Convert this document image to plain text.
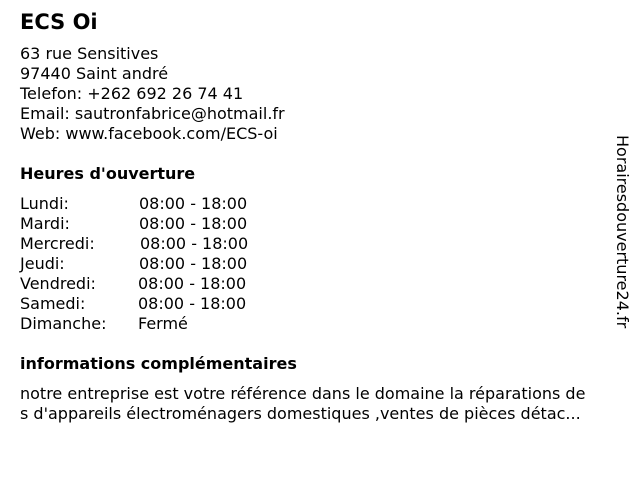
ECS Oi
63 rue Sensitives
97440 Saint andré
Telefon: +262 692 26 74 41
Email: sautronfabrice@hotmail.fr
Web: www.facebook.com/ECS-oi
Heures d'ouverture
Lundi:	08:00 - 18:00
Mardi:	08:00 - 18:00
Mercredi:	08:00 - 18:00
Jeudi:	08:00 - 18:00
Vendredi:	08:00 - 18:00
Samedi:	08:00 - 18:00
Dimanche: Fermé
informations complémentaires
notre entreprise est votre référence dans le domaine la réparations de
s d'appareils électroménagers domestiques ,ventes de pièces détac...
Horairesdouverture24.fr
